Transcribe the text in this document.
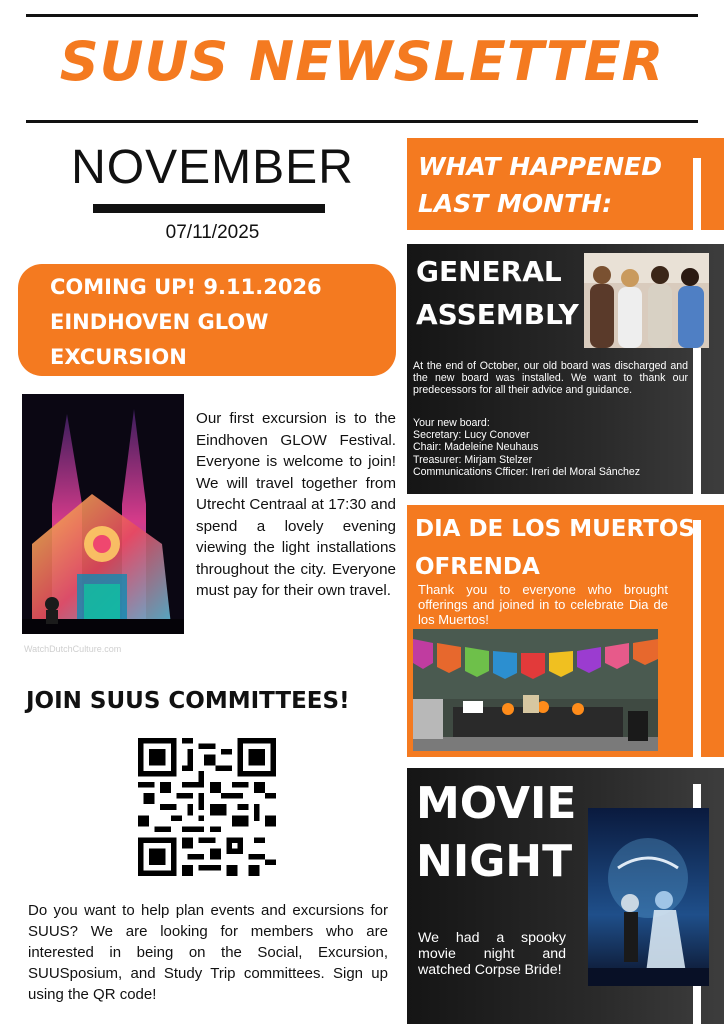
SUUS NEWSLETTER
NOVEMBER
07/11/2025
COMING UP! 9.11.2026
EINDHOVEN GLOW
EXCURSION
WatchDutchCulture.com
Our first excursion is to the Eindhoven GLOW Festival. Everyone is welcome to join! We will travel together from Utrecht Centraal at 17:30 and spend a lovely evening viewing the light installations throughout the city. Everyone must pay for their own travel.
JOIN SUUS COMMITTEES!
Do you want to help plan events and excursions for SUUS? We are looking for members who are interested in being on the Social, Excursion, SUUSposium, and Study Trip committees. Sign up using the QR code!
WHAT HAPPENED
LAST MONTH:
GENERAL
ASSEMBLY
At the end of October, our old board was discharged and the new board was installed. We want to thank our predecessors for all their advice and guidance.
Your new board:
Secretary: Lucy Conover
Chair: Madeleine Neuhaus
Treasurer: Mirjam Stelzer
Communications Cfficer: Ireri del Moral Sánchez
DIA DE LOS MUERTOS
OFRENDA
Thank you to everyone who brought offerings and joined in to celebrate Dia de los Muertos!
MOVIE
NIGHT
We had a spooky movie night and watched Corpse Bride!
